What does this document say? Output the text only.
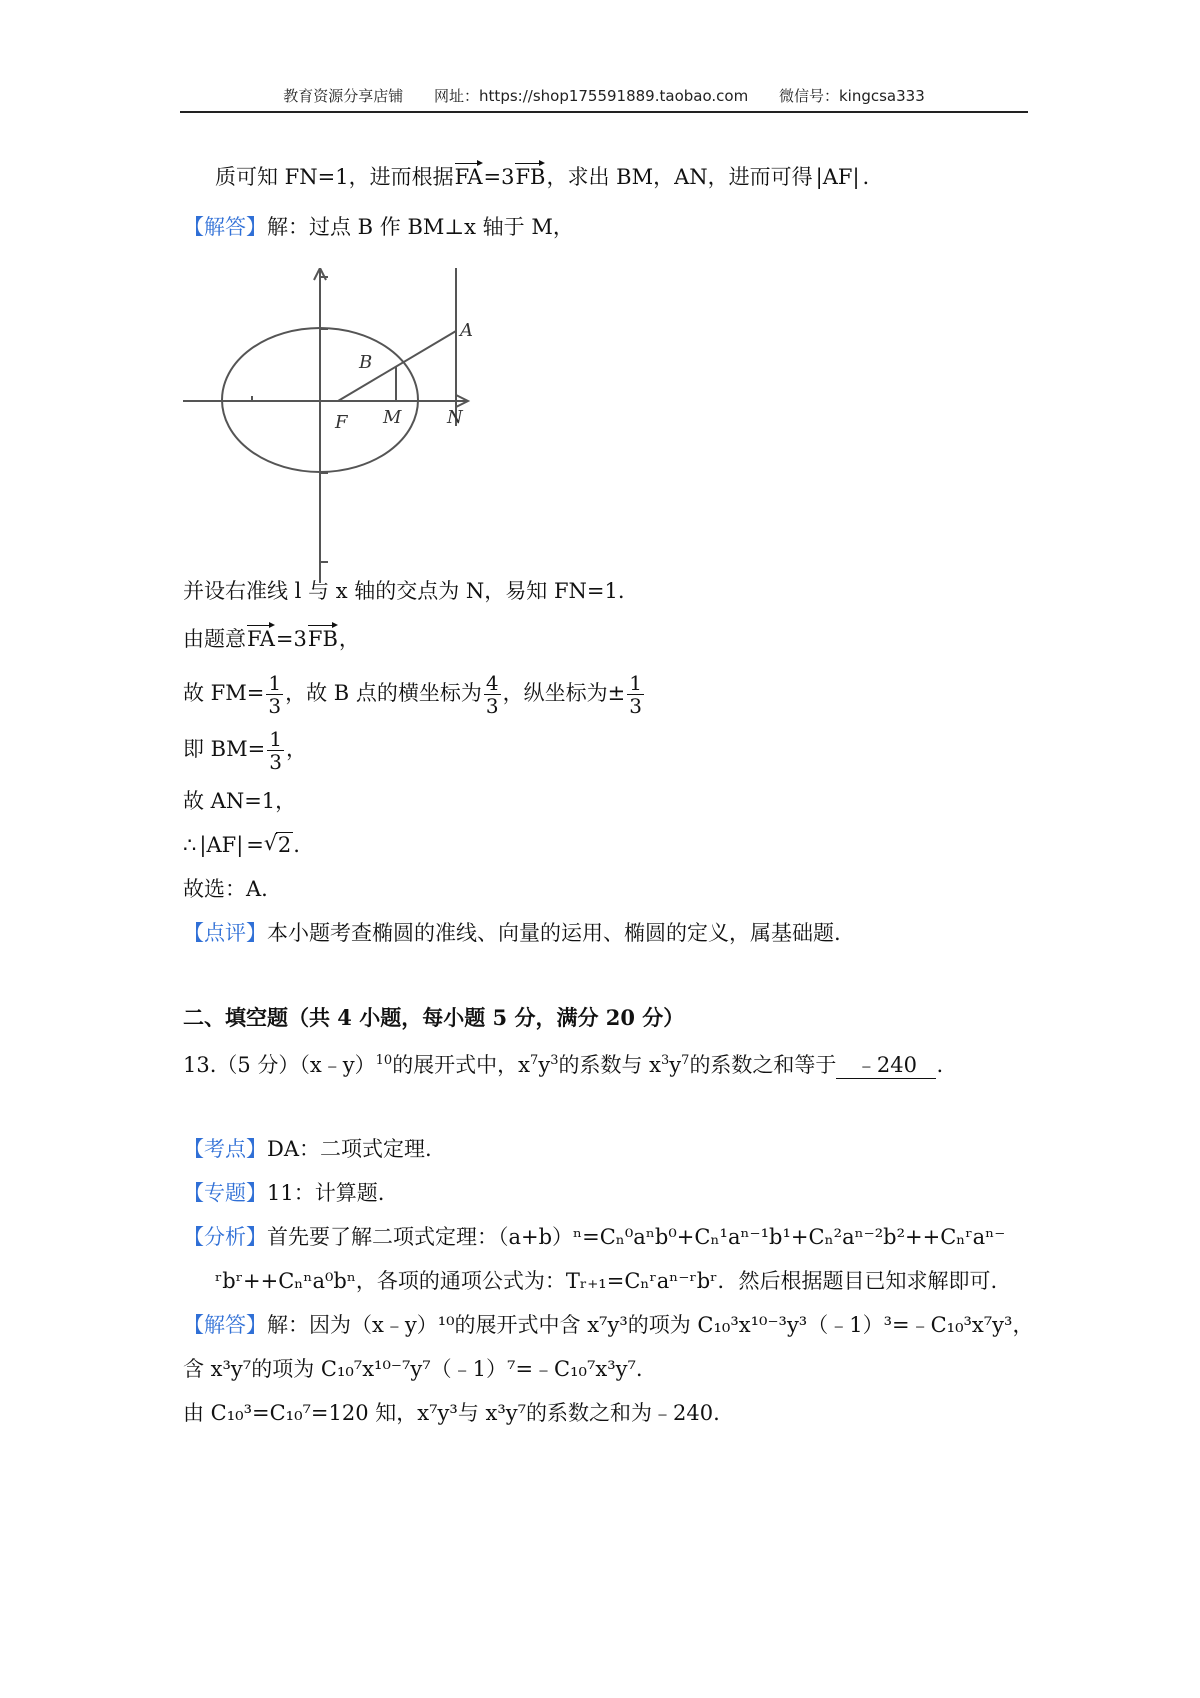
教育资源分享店铺 网址：https://shop175591889.taobao.com 微信号：kingcsa333
质可知 FN=1，进而根据FA=3FB，求出 BM，AN，进而可得 |AF| .
【解答】解：过点 B 作 BM⊥x 轴于 M，
A
B
F M	N
并设右准线 l 与 x 轴的交点为 N，易知 FN=1.
由题意FA=3FB，
故 $FM= \frac{1}{3}$ ，故 B 点的横坐标为 $\frac{4}{3}$ ，纵坐标为± $\frac{1}{3}$
即 $BM= \frac{1}{3}$ ，
故 AN=1，
∴ |AF| =√ 2.
故选：A.
【点评】本小题考查椭圆的准线、向量的运用、椭圆的定义，属基础题.
二、填空题（共 4 小题，每小题 5 分，满分 20 分）
13.（5 分）（x﹣y）$^{10}$的展开式中，$x^7y^3$的系数与 $x^3y^7$的系数之和等于 ﹣240 .
【考点】DA：二项式定理.
【专题】11：计算题.
【分析】首先要了解二项式定理：（a+b）ⁿ=Cₙ⁰aⁿb⁰+Cₙ¹aⁿ⁻¹b¹+Cₙ²aⁿ⁻²b²++Cₙʳaⁿ⁻
ʳbʳ++Cₙⁿa⁰bⁿ，各项的通项公式为：Tᵣ₊₁=Cₙʳaⁿ⁻ʳbʳ．然后根据题目已知求解即可.
【解答】解：因为（x﹣y）¹⁰的展开式中含 x⁷y³的项为 C₁₀³x¹⁰⁻³y³（﹣1）³=﹣C₁₀³x⁷y³，
含 x³y⁷的项为 C₁₀⁷x¹⁰⁻⁷y⁷（﹣1）⁷=﹣C₁₀⁷x³y⁷.
由 C₁₀³=C₁₀⁷=120 知，x⁷y³与 x³y⁷的系数之和为﹣240.
